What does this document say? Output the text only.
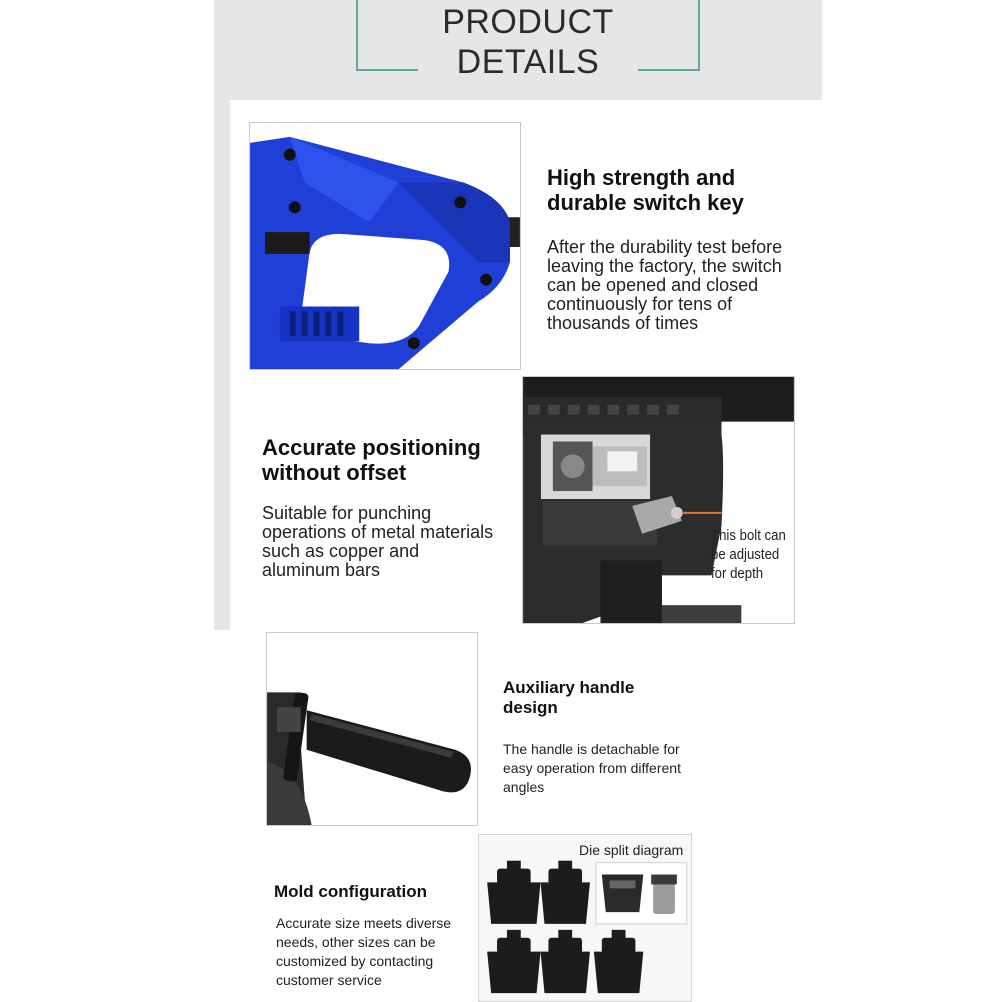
PRODUCT
DETAILS
High strength and
durable switch key
After the durability test before
leaving the factory, the switch
can be opened and closed
continuously for tens of
thousands of times
Accurate positioning
without offset
Suitable for punching
operations of metal materials
such as copper and
aluminum bars
This bolt can
be adjusted
for depth
Auxiliary handle
design
The handle is detachable for
easy operation from different
angles
Mold configuration
Accurate size meets diverse
needs, other sizes can be
customized by contacting
customer service
Die split diagram
